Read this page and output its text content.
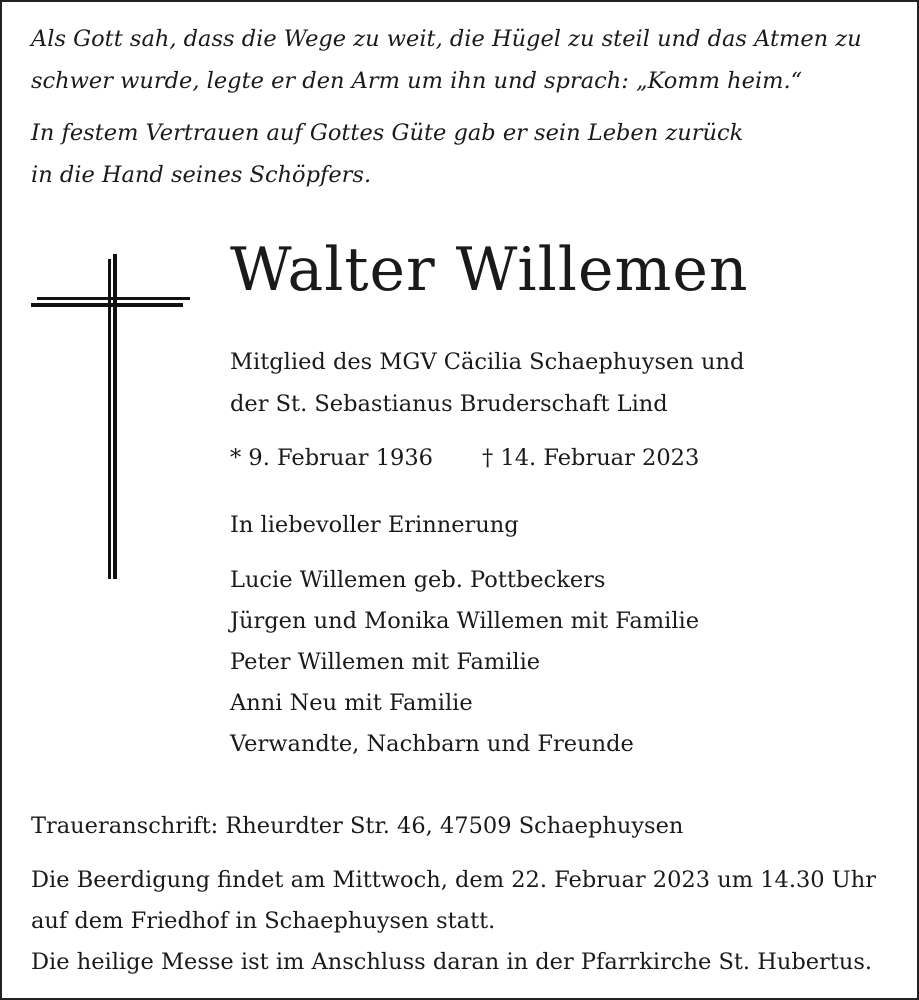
Als Gott sah, dass die Wege zu weit, die Hügel zu steil und das Atmen zu
schwer wurde, legte er den Arm um ihn und sprach: „Komm heim.“
In festem Vertrauen auf Gottes Güte gab er sein Leben zurück
in die Hand seines Schöpfers.
Walter Willemen
Mitglied des MGV Cäcilia Schaephuysen und
der St. Sebastianus Bruderschaft Lind
* 9. Februar 1936 † 14. Februar 2023
In liebevoller Erinnerung
Lucie Willemen geb. Pottbeckers
Jürgen und Monika Willemen mit Familie
Peter Willemen mit Familie
Anni Neu mit Familie
Verwandte, Nachbarn und Freunde
Traueranschrift: Rheurdter Str. 46, 47509 Schaephuysen
Die Beerdigung findet am Mittwoch, dem 22. Februar 2023 um 14.30 Uhr
auf dem Friedhof in Schaephuysen statt.
Die heilige Messe ist im Anschluss daran in der Pfarrkirche St. Hubertus.
